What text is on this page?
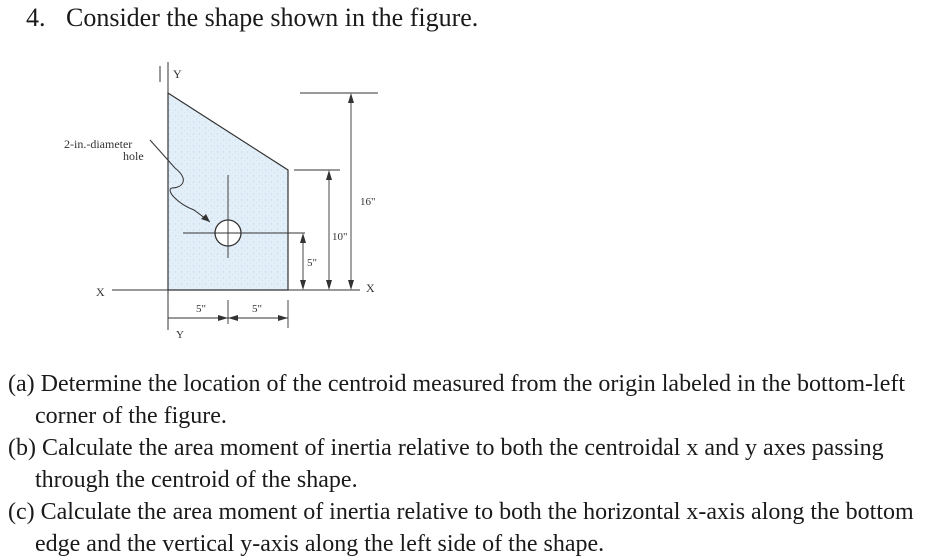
4. Consider the shape shown in the figure.
Y
Y
X	X
2-in.-diameter
hole
16"
10"
5"
5"	5"

(a) Determine the location of the centroid measured from the origin labeled in the bottom-left corner of the figure.

(b) Calculate the area moment of inertia relative to both the centroidal x and y axes passing through the centroid of the shape.

(c) Calculate the area moment of inertia relative to both the horizontal x-axis along the bottom edge and the vertical y-axis along the left side of the shape.
